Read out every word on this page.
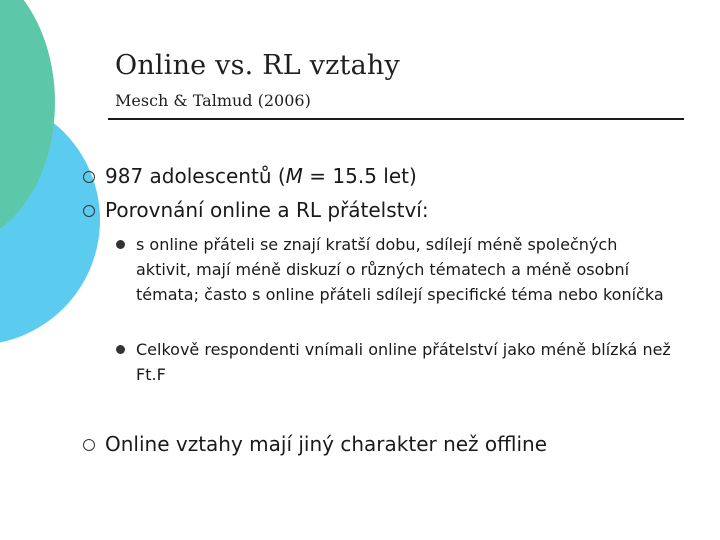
Online vs. RL vztahy
Mesch & Talmud (2006)
987 adolescentů (M = 15.5 let)
Porovnání online a RL přátelství:
s online přáteli se znají kratší dobu, sdílejí méně společných aktivit, mají méně diskuzí o různých tématech a méně osobní témata; často s online přáteli sdílejí specifické téma nebo koníčka
Celkově respondenti vnímali online přátelství jako méně blízká než Ft.F
Online vztahy mají jiný charakter než offline
